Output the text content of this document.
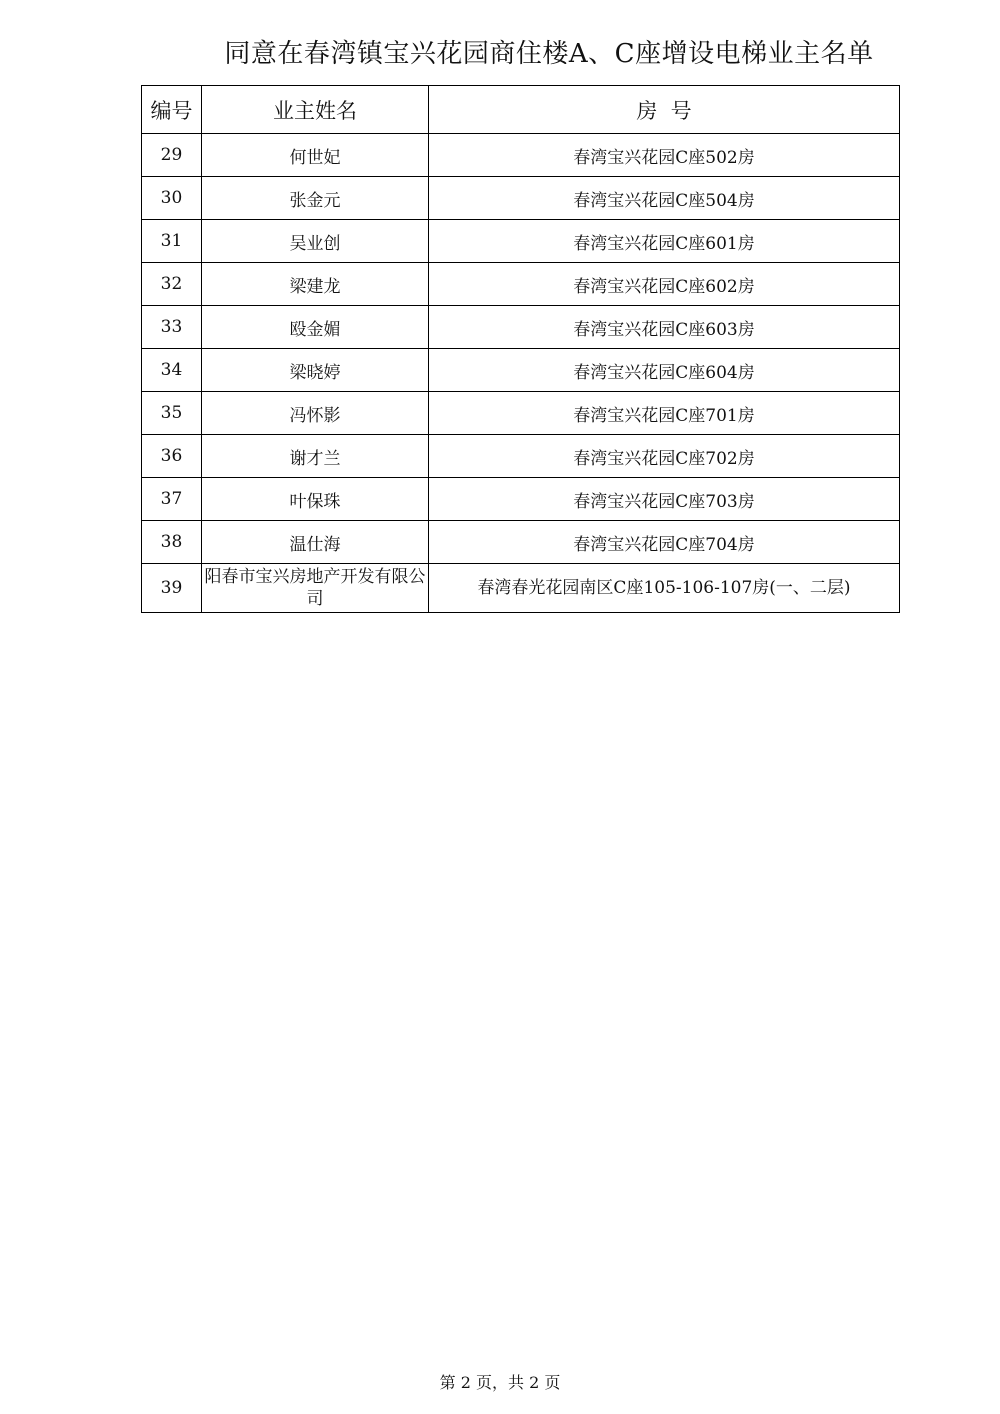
同意在春湾镇宝兴花园商住楼A、C座增设电梯业主名单
编号	业主姓名	房  号
29	何世妃	春湾宝兴花园C座502房
30	张金元	春湾宝兴花园C座504房
31	吴业创	春湾宝兴花园C座601房
32	梁建龙	春湾宝兴花园C座602房
33	殴金媚	春湾宝兴花园C座603房
34	梁晓婷	春湾宝兴花园C座604房
35	冯怀影	春湾宝兴花园C座701房
36	谢才兰	春湾宝兴花园C座702房
37	叶保珠	春湾宝兴花园C座703房
38	温仕海	春湾宝兴花园C座704房
39	阳春市宝兴房地产开发有限公司	春湾春光花园南区C座105-106-107房(一、二层)
第 2 页，共 2 页
